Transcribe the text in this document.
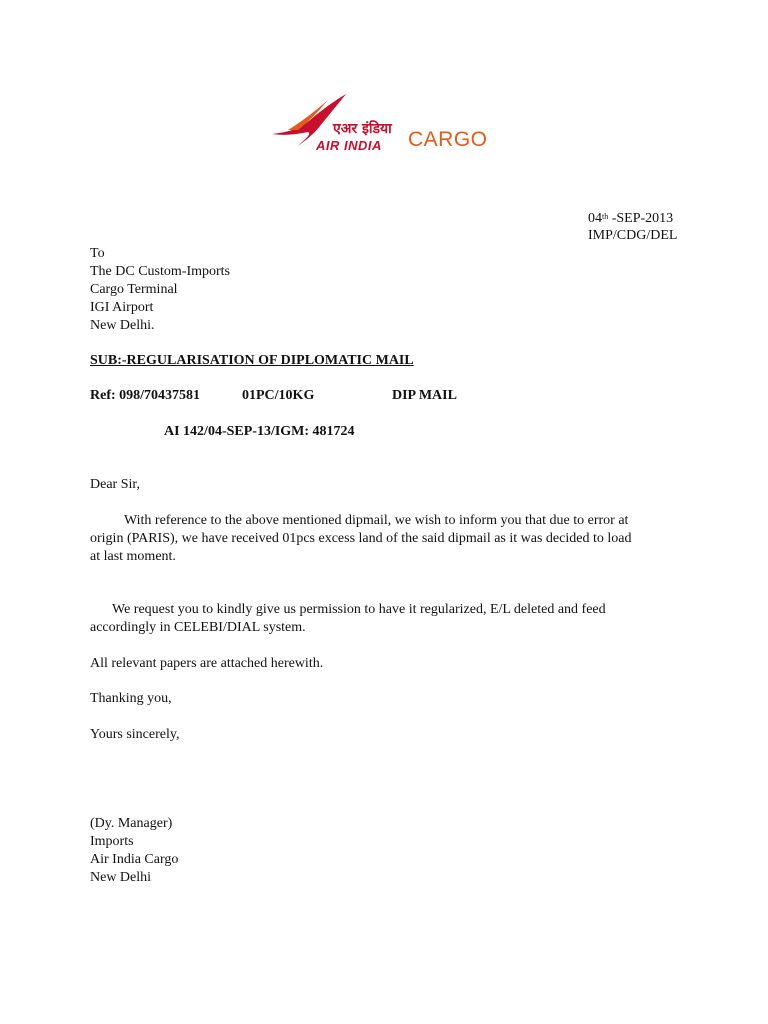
एअर इंडिया
AIR INDIA CARGO

04th -SEP-2013

IMP/CDG/DEL

To

The DC Custom-Imports

Cargo Terminal

IGI Airport

New Delhi.

SUB:-REGULARISATION OF DIPLOMATIC MAIL

Ref: 098/70437581	01PC/10KG	DIP MAIL

AI 142/04-SEP-13/IGM: 481724

Dear Sir,

With reference to the above mentioned dipmail, we wish to inform you that due to error at

origin (PARIS), we have received 01pcs excess land of the said dipmail as it was decided to load

at last moment.

We request you to kindly give us permission to have it regularized, E/L deleted and feed

accordingly in CELEBI/DIAL system.

All relevant papers are attached herewith.

Thanking you,

Yours sincerely,

(Dy. Manager)

Imports

Air India Cargo

New Delhi
